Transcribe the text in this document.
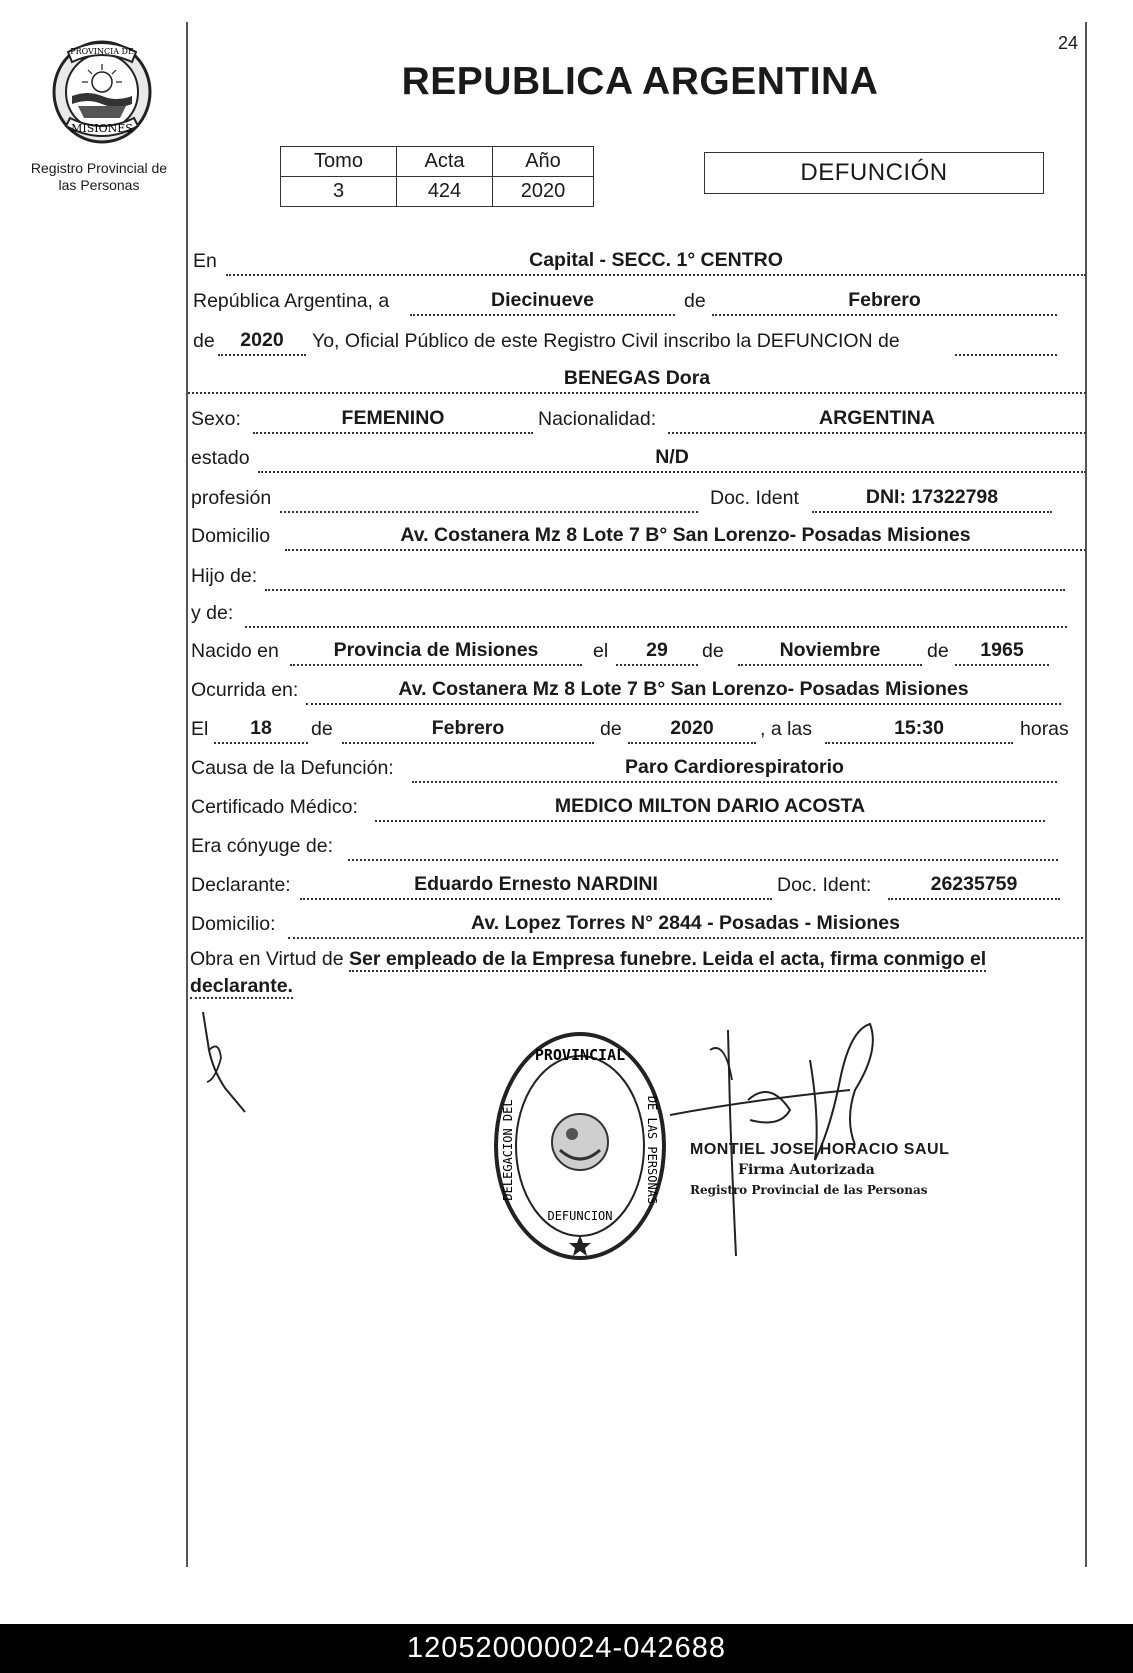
24
PROVINCIA DE
MISIONES
Registro Provincial de
las Personas
REPUBLICA ARGENTINA
Tomo	Acta	Año
3	424	2020
DEFUNCIÓN
En	Capital - SECC. 1° CENTRO
República Argentina, a	Diecinueve	de	Febrero
de	2020	Yo, Oficial Público de este Registro Civil inscribo la DEFUNCION de
BENEGAS Dora
Sexo:	FEMENINO	Nacionalidad:	ARGENTINA
estado	N/D
profesión	Doc. Ident	DNI: 17322798
Domicilio	Av. Costanera Mz 8 Lote 7 B° San Lorenzo- Posadas Misiones
Hijo de:
y de:
Nacido en	Provincia de Misiones	el	29	de	Noviembre	de	1965
Ocurrida en:	Av. Costanera Mz 8 Lote 7 B° San Lorenzo- Posadas Misiones
El	18	de	Febrero	de	2020	, a las	15:30	horas
Causa de la Defunción:	Paro Cardiorespiratorio
Certificado Médico:	MEDICO MILTON DARIO ACOSTA
Era cónyuge de:
Declarante:	Eduardo Ernesto NARDINI	Doc. Ident:	26235759
Domicilio:	Av. Lopez Torres N° 2844 - Posadas - Misiones
Obra en Virtud de Ser empleado de la Empresa funebre. Leida el acta, firma conmigo el declarante.
PROVINCIAL
DELEGACION DEL	DE LAS PERSONAS
DEFUNCION
MONTIEL JOSE HORACIO SAUL
Firma Autorizada
Registro Provincial de las Personas
120520000024-042688
